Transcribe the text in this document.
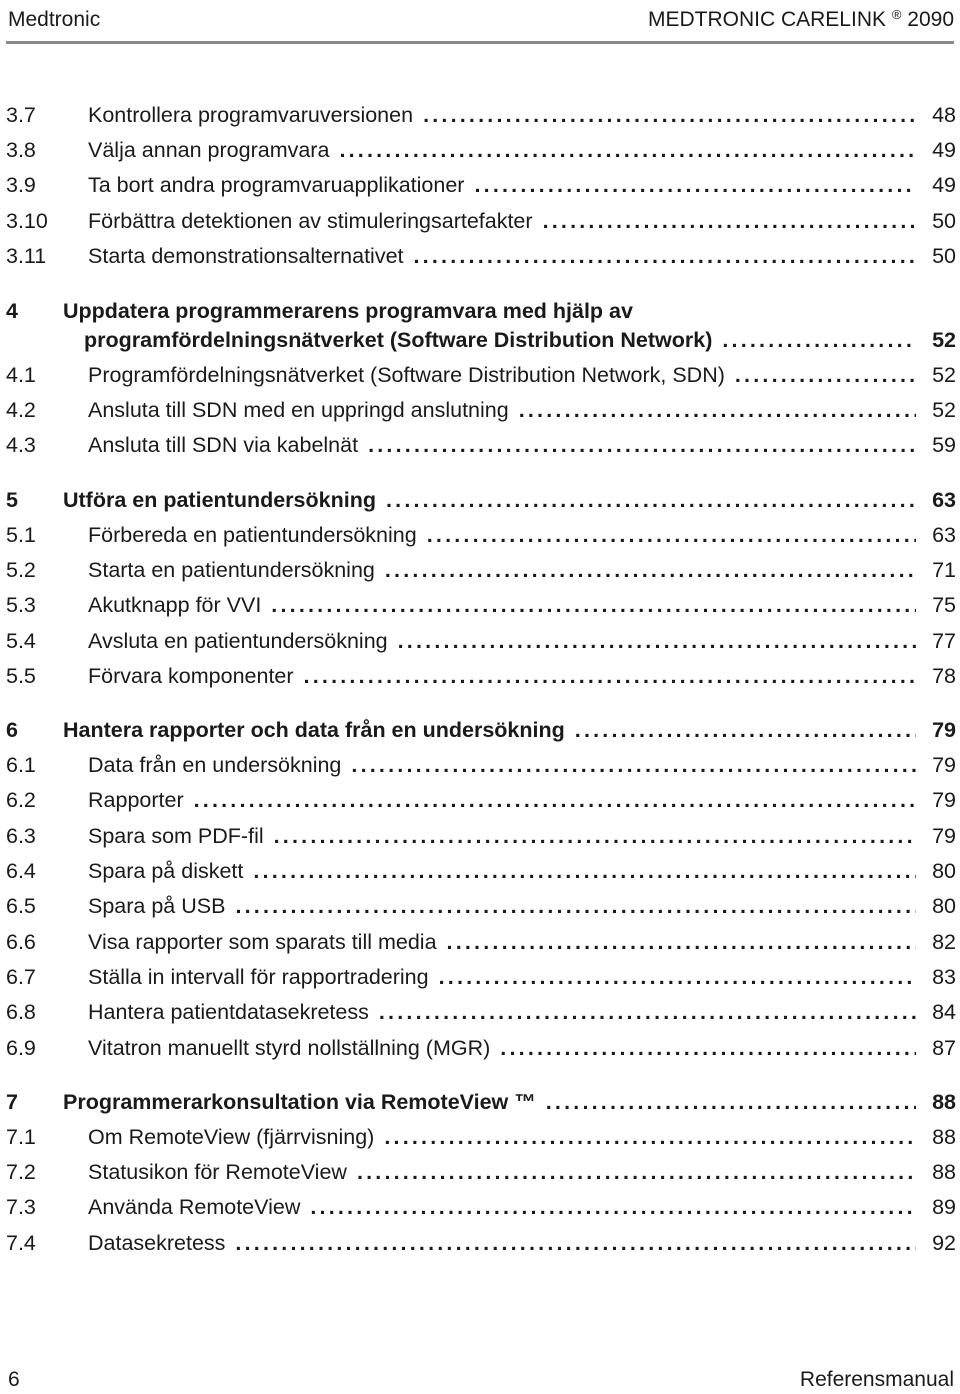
Medtronic	MEDTRONIC CARELINK ® 2090
3.7	Kontrollera programvaruversionen .....	48
3.8	Välja annan programvara .....	49
3.9	Ta bort andra programvaruapplikationer .....	49
3.10	Förbättra detektionen av stimuleringsartefakter .....	50
3.11	Starta demonstrationsalternativet .....	50
4	Uppdatera programmerarens programvara med hjälp av
programfördelningsnätverket (Software Distribution Network) .....	52
4.1	Programfördelningsnätverket (Software Distribution Network, SDN) .....	52
4.2	Ansluta till SDN med en uppringd anslutning .....	52
4.3	Ansluta till SDN via kabelnät .....	59
5	Utföra en patientundersökning .....	63
5.1	Förbereda en patientundersökning .....	63
5.2	Starta en patientundersökning .....	71
5.3	Akutknapp för VVI .....	75
5.4	Avsluta en patientundersökning .....	77
5.5	Förvara komponenter .....	78
6	Hantera rapporter och data från en undersökning .....	79
6.1	Data från en undersökning .....	79
6.2	Rapporter .....	79
6.3	Spara som PDF-fil .....	79
6.4	Spara på diskett .....	80
6.5	Spara på USB .....	80
6.6	Visa rapporter som sparats till media .....	82
6.7	Ställa in intervall för rapportradering .....	83
6.8	Hantera patientdatasekretess .....	84
6.9	Vitatron manuellt styrd nollställning (MGR) .....	87
7	Programmerarkonsultation via RemoteView ™ .....	88
7.1	Om RemoteView (fjärrvisning) .....	88
7.2	Statusikon för RemoteView .....	88
7.3	Använda RemoteView .....	89
7.4	Datasekretess .....	92
6	Referensmanual
